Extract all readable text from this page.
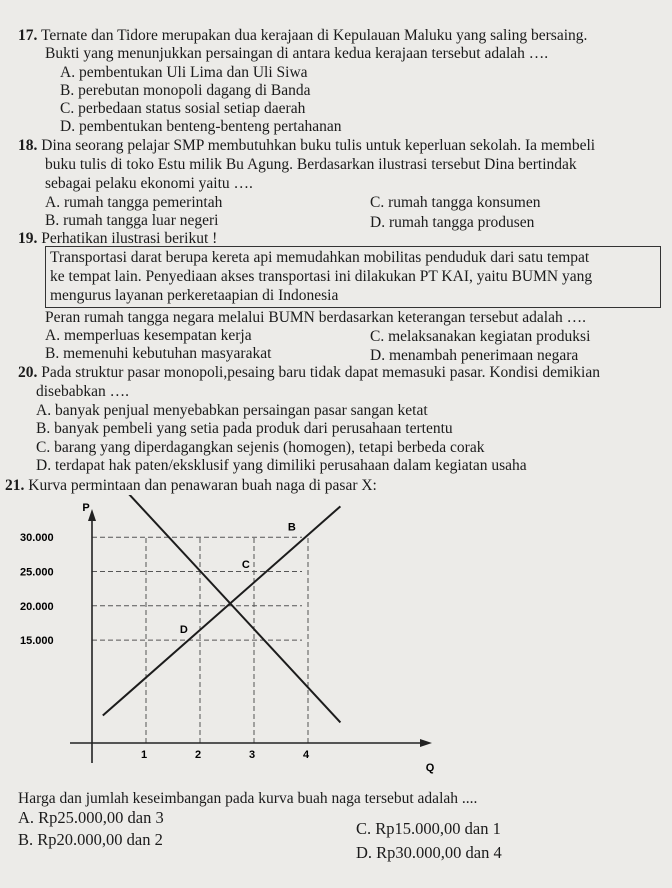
17. Ternate dan Tidore merupakan dua kerajaan di Kepulauan Maluku yang saling bersaing.
Bukti yang menunjukkan persaingan di antara kedua kerajaan tersebut adalah ….
A. pembentukan Uli Lima dan Uli Siwa
B. perebutan monopoli dagang di Banda
C. perbedaan status sosial setiap daerah
D. pembentukan benteng-benteng pertahanan
18. Dina seorang pelajar SMP membutuhkan buku tulis untuk keperluan sekolah. Ia membeli
buku tulis di toko Estu milik Bu Agung. Berdasarkan ilustrasi tersebut Dina bertindak
sebagai pelaku ekonomi yaitu ….
A. rumah tangga pemerintah	C. rumah tangga konsumen
B. rumah tangga luar negeri	D. rumah tangga produsen
19. Perhatikan ilustrasi berikut !
Transportasi darat berupa kereta api memudahkan mobilitas penduduk dari satu tempat
ke tempat lain. Penyediaan akses transportasi ini dilakukan PT KAI, yaitu BUMN yang
mengurus layanan perkeretaapian di Indonesia
Peran rumah tangga negara melalui BUMN berdasarkan keterangan tersebut adalah ….
A. memperluas kesempatan kerja	C. melaksanakan kegiatan produksi
B. memenuhi kebutuhan masyarakat	D. menambah penerimaan negara
20. Pada struktur pasar monopoli,pesaing baru tidak dapat memasuki pasar. Kondisi demikian
disebabkan ….
A. banyak penjual menyebabkan persaingan pasar sangan ketat
B. banyak pembeli yang setia pada produk dari perusahaan tertentu
C. barang yang diperdagangkan sejenis (homogen), tetapi berbeda corak
D. terdapat hak paten/eksklusif yang dimiliki perusahaan dalam kegiatan usaha
21. Kurva permintaan dan penawaran buah naga di pasar X:
P
Q
30.000
25.000
20.000
15.000
1	2	3	4
B
C
D
Harga dan jumlah keseimbangan pada kurva buah naga tersebut adalah ....
A. Rp25.000,00 dan 3
C. Rp15.000,00 dan 1
B. Rp20.000,00 dan 2
D. Rp30.000,00 dan 4
